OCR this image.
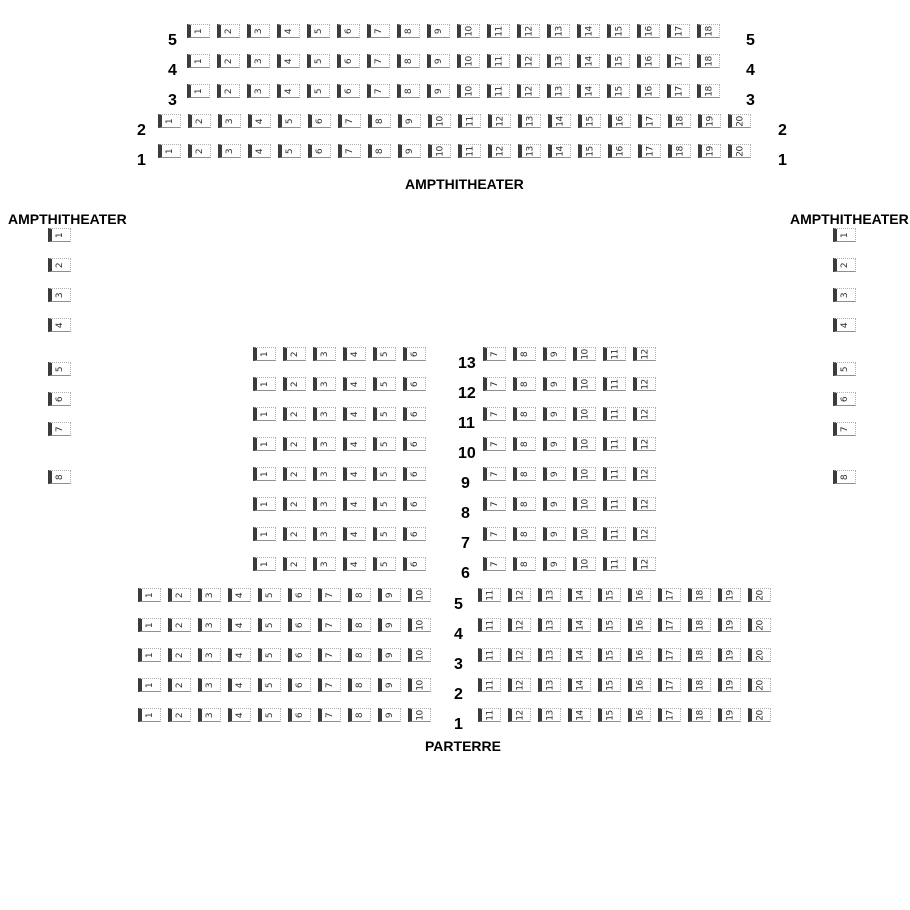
AMPTHITHEATER
AMPTHITHEATER	AMPTHITHEATER
PARTERRE
1 2 3 4 5 6 7 8 9 10 11 12 13 14 15 16 17 18
5	5
1 2 3 4 5 6 7 8 9 10 11 12 13 14 15 16 17 18
4	4
1 2 3 4 5 6 7 8 9 10 11 12 13 14 15 16 17 18
3	3
1 2 3 4 5 6 7 8 9 10 11 12 13 14 15 16 17 18 19 20
2	2
1 2 3 4 5 6 7 8 9 10 11 12 13 14 15 16 17 18 19 20
1	1
1
2
3
4
5
6
7
8
1
2
3
4
5
6
7
8
1 2 3 4 5 6	7 8 9 10 11 12
13
1 2 3 4 5 6	7 8 9 10 11 12
12
1 2 3 4 5 6	7 8 9 10 11 12
11
1 2 3 4 5 6	7 8 9 10 11 12
10
1 2 3 4 5 6	7 8 9 10 11 12
9
1 2 3 4 5 6	7 8 9 10 11 12
8
1 2 3 4 5 6	7 8 9 10 11 12
7
1 2 3 4 5 6	7 8 9 10 11 12
6
1 2 3 4 5 6 7 8 9 10	11 12 13 14 15 16 17 18 19 20
5
1 2 3 4 5 6 7 8 9 10	11 12 13 14 15 16 17 18 19 20
4
1 2 3 4 5 6 7 8 9 10	11 12 13 14 15 16 17 18 19 20
3
1 2 3 4 5 6 7 8 9 10	11 12 13 14 15 16 17 18 19 20
2
1 2 3 4 5 6 7 8 9 10	11 12 13 14 15 16 17 18 19 20
1
